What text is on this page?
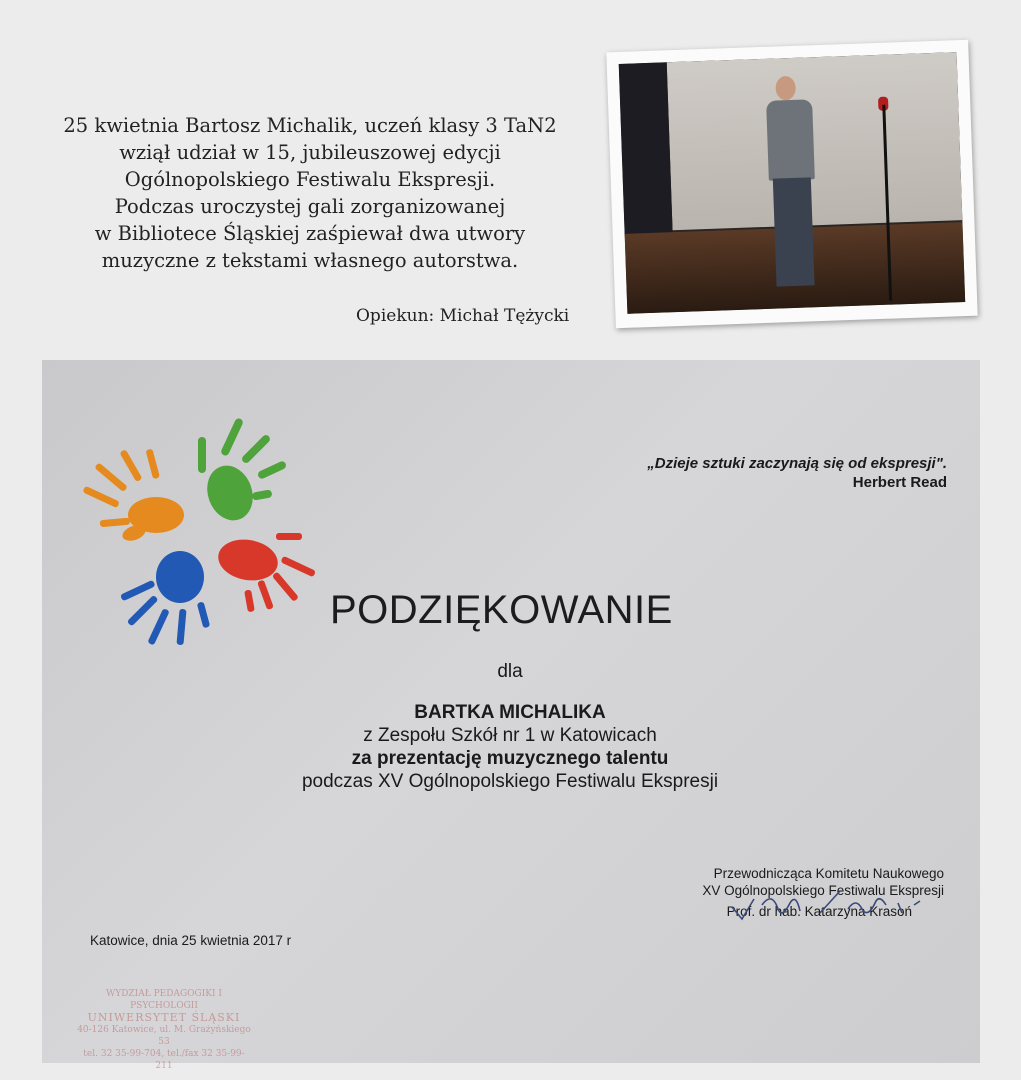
25 kwietnia Bartosz Michalik, uczeń klasy 3 TaN2

wziął udział w 15, jubileuszowej edycji

Ogólnopolskiego Festiwalu Ekspresji.

Podczas uroczystej gali zorganizowanej

w Bibliotece Śląskiej zaśpiewał dwa utwory

muzyczne z tekstami własnego autorstwa.

Opiekun: Michał Tężycki
„Dzieje sztuki zaczynają się od ekspresji".
Herbert Read
PODZIĘKOWANIE
dla
BARTKA MICHALIKA
z Zespołu Szkół nr 1 w Katowicach
za prezentację muzycznego talentu
podczas XV Ogólnopolskiego Festiwalu Ekspresji
Przewodnicząca Komitetu Naukowego
XV Ogólnopolskiego Festiwalu Ekspresji
Prof. dr hab. Katarzyna Krasoń
Katowice, dnia 25 kwietnia 2017 r
WYDZIAŁ PEDAGOGIKI I PSYCHOLOGII
UNIWERSYTET ŚLĄSKI
40-126 Katowice, ul. M. Grażyńskiego 53
tel. 32 35-99-704, tel./fax 32 35-99-211
